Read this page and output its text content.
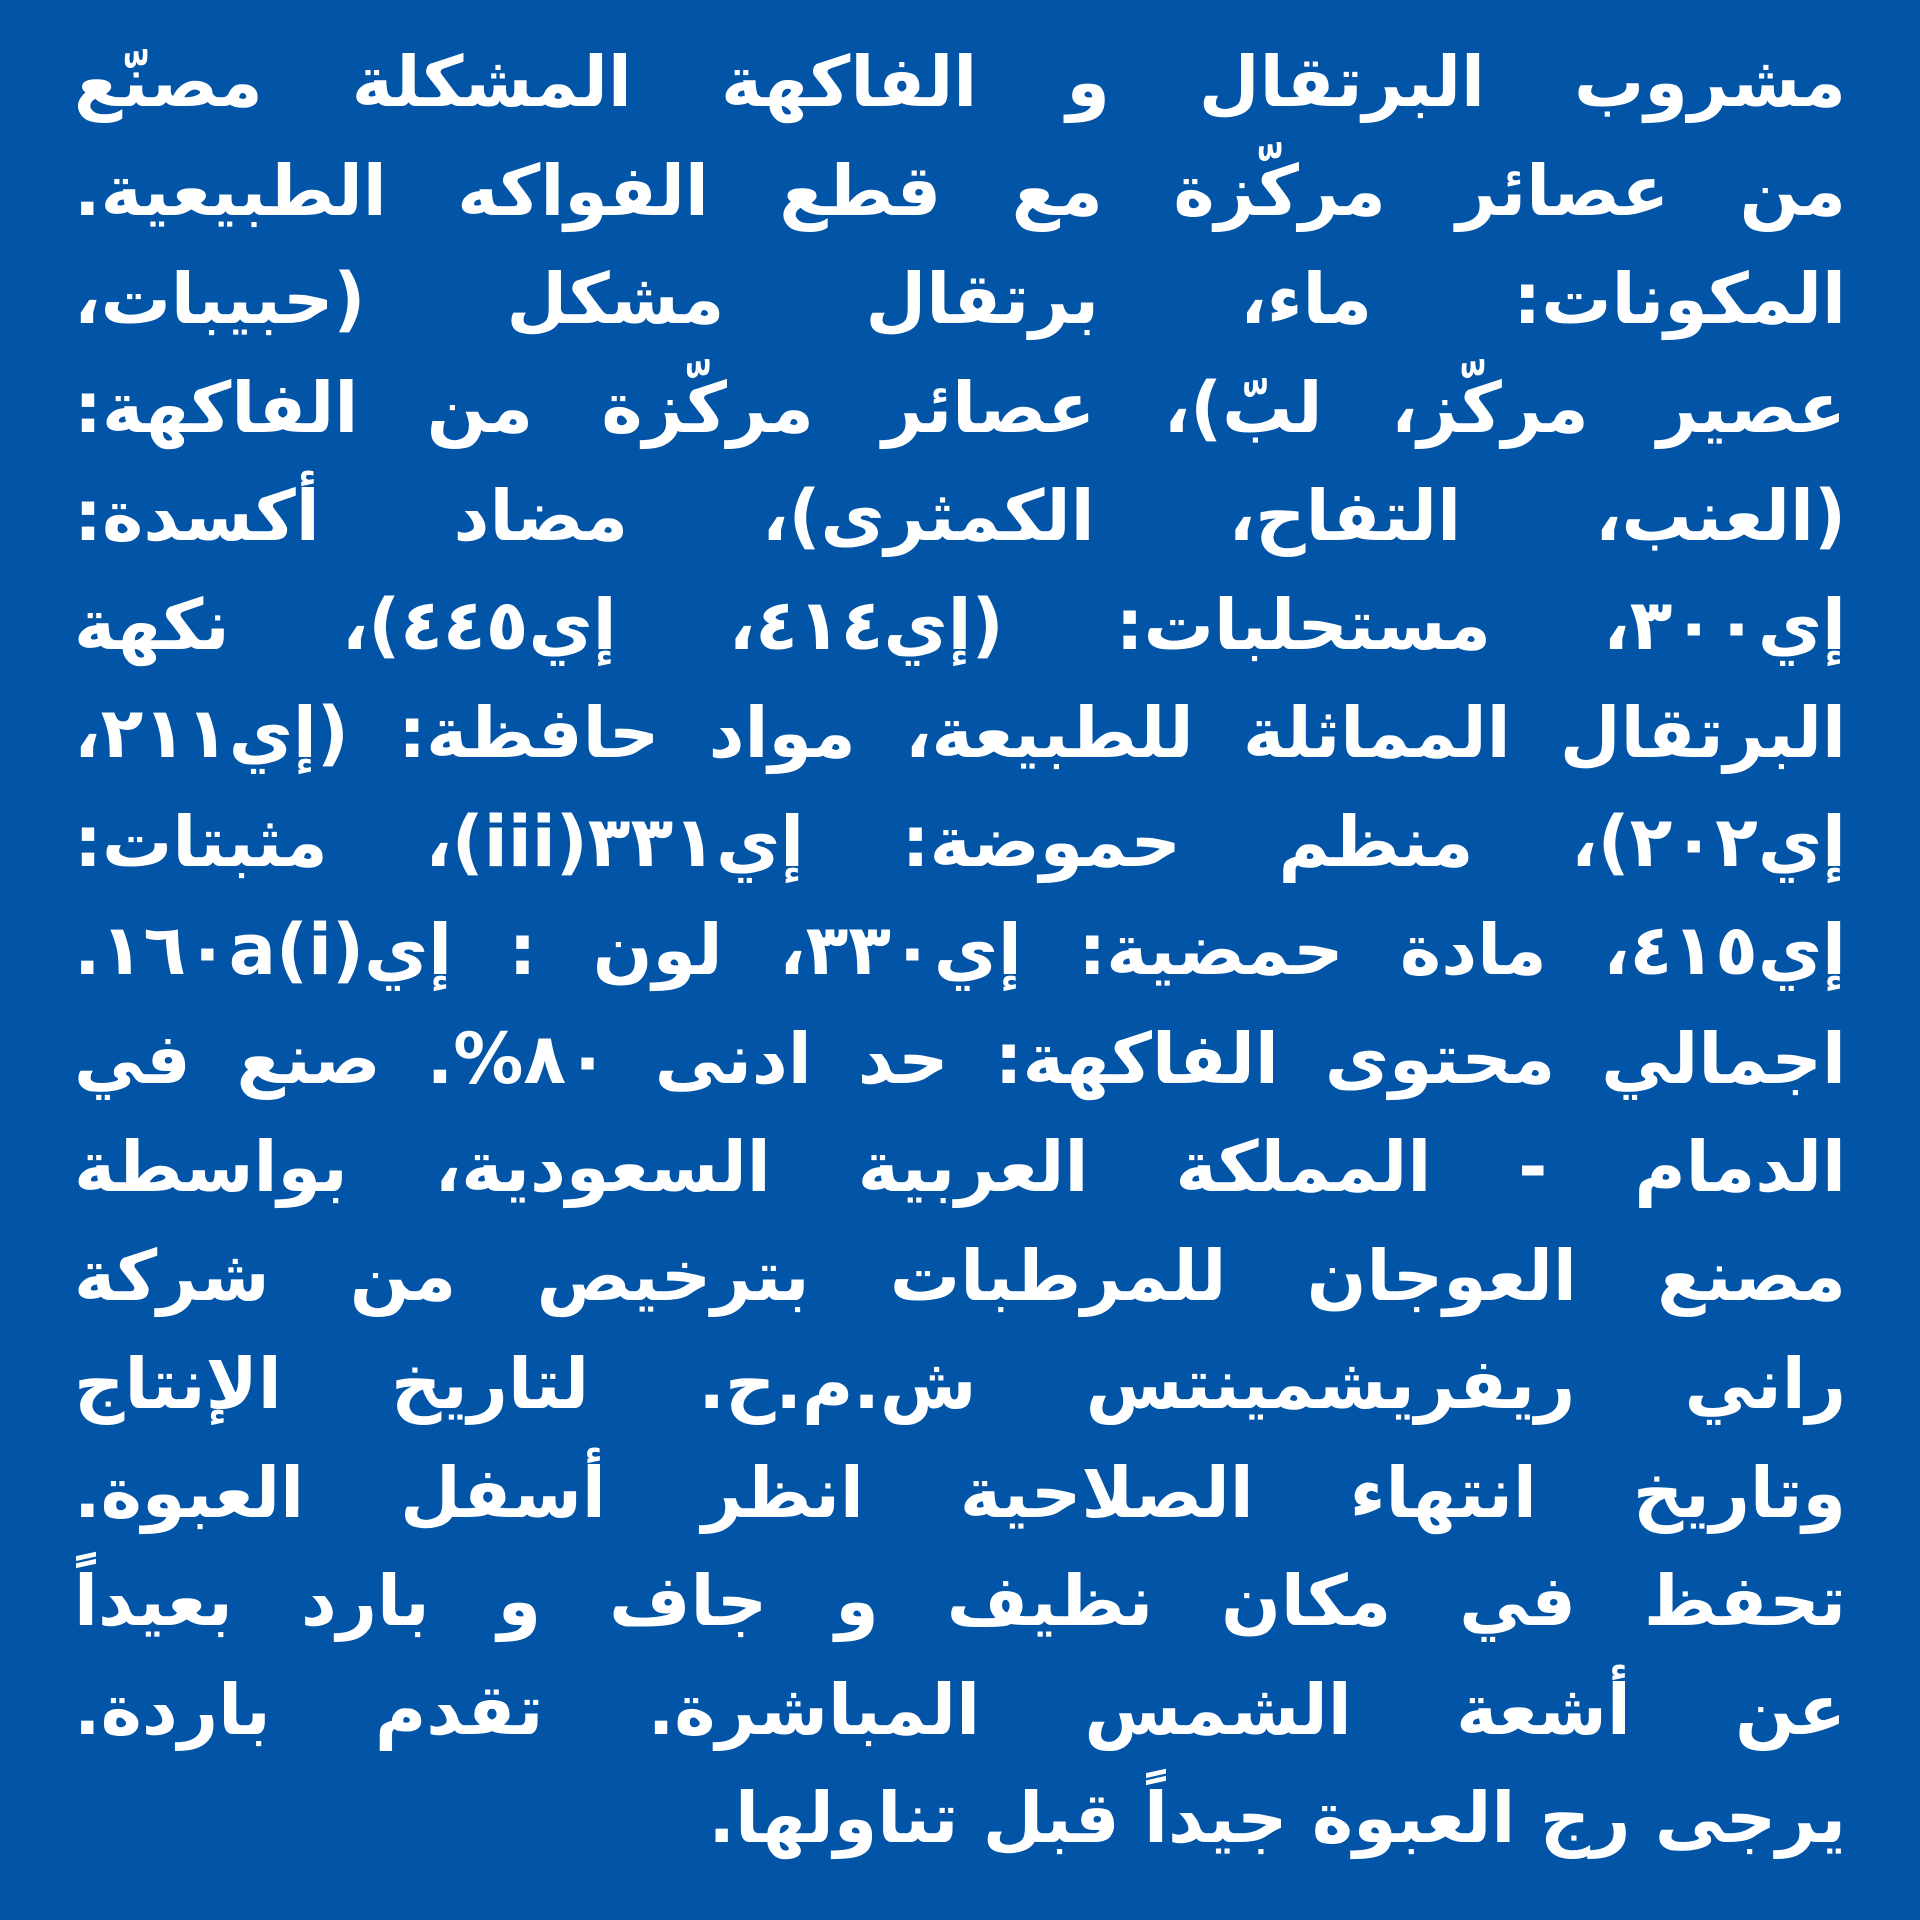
مشروب البرتقال و الفاكهة المشكلة مصنّع
من عصائر مركّزة مع قطع الفواكه الطبيعية.
المكونات: ماء، برتقال مشكل (حبيبات،
عصير مركّز، لبّ)، عصائر مركّزة من الفاكهة:
(العنب، التفاح، الكمثرى)، مضاد أكسدة:
إي٣٠٠، مستحلبات: (إي٤١٤، إي٤٤٥)، نكهة
البرتقال المماثلة للطبيعة، مواد حافظة: (إي٢١١،
إي٢٠٢)، منظم حموضة: إي٣٣١(iii)، مثبتات:
إي٤١٥، مادة حمضية: إي٣٣٠، لون : إي١٦٠a(i).
اجمالي محتوى الفاكهة: حد ادنى ٨٠%. صنع في
الدمام - المملكة العربية السعودية، بواسطة
مصنع العوجان للمرطبات بترخيص من شركة
راني ريفريشمينتس ش.م.ح. لتاريخ الإنتاج
وتاريخ انتهاء الصلاحية انظر أسفل العبوة.
تحفظ في مكان نظيف و جاف و بارد بعيداً
عن أشعة الشمس المباشرة. تقدم باردة.
يرجى رج العبوة جيداً قبل تناولها.
